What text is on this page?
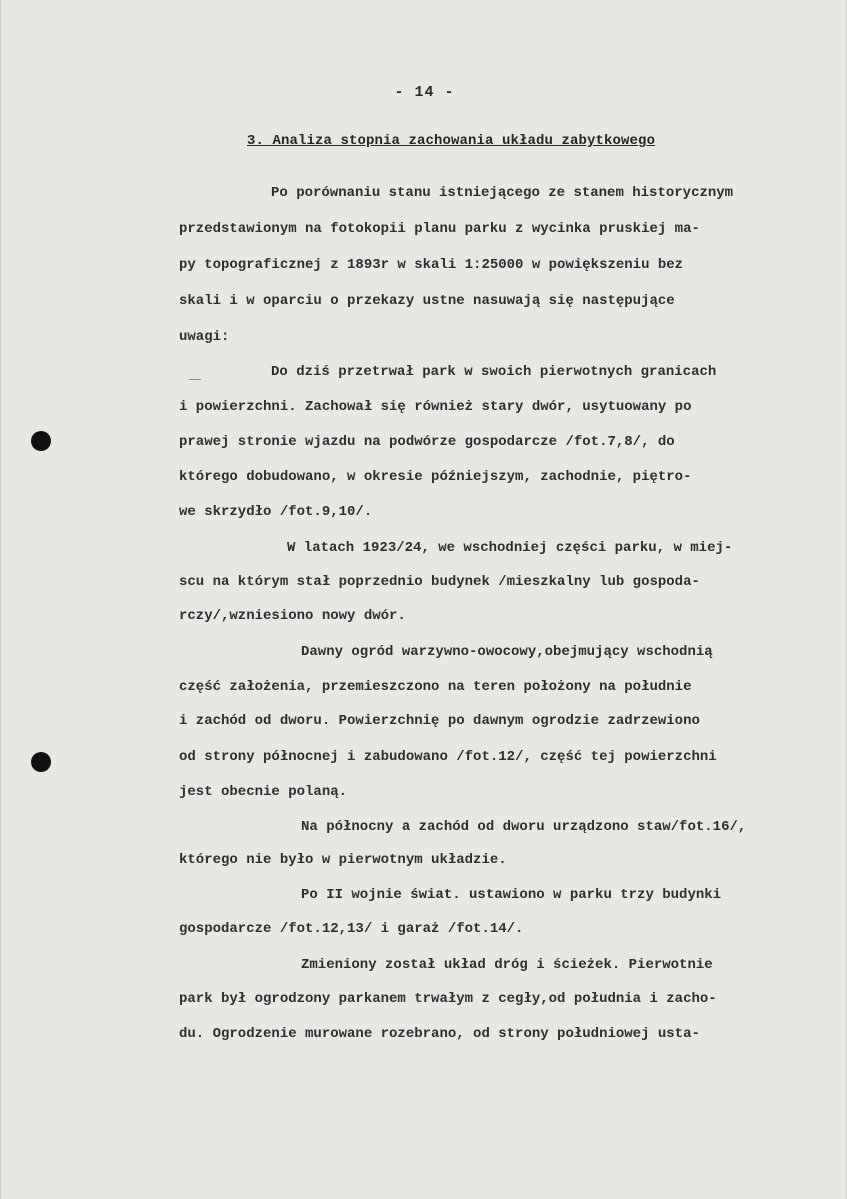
- 14 -
3. Analiza stopnia zachowania układu zabytkowego
Po porównaniu stanu istniejącego ze stanem historycznym
przedstawionym na fotokopii planu parku z wycinka pruskiej ma-
py topograficznej z 1893r w skali 1:25000 w powiększeniu bez
skali i w oparciu o przekazy ustne nasuwają się następujące
uwagi:
Do dziś przetrwał park w swoich pierwotnych granicach
i powierzchni. Zachował się również stary dwór, usytuowany po
prawej stronie wjazdu na podwórze gospodarcze /fot.7,8/, do
którego dobudowano, w okresie późniejszym, zachodnie, piętro-
we skrzydło /fot.9,10/.
W latach 1923/24, we wschodniej części parku, w miej-
scu na którym stał poprzednio budynek /mieszkalny lub gospoda-
rczy/,wzniesiono nowy dwór.
Dawny ogród warzywno-owocowy,obejmujący wschodnią
część założenia, przemieszczono na teren położony na południe
i zachód od dworu. Powierzchnię po dawnym ogrodzie zadrzewiono
od strony północnej i zabudowano /fot.12/, część tej powierzchni
jest obecnie polaną.
Na północny a zachód od dworu urządzono staw/fot.16/,
którego nie było w pierwotnym układzie.
Po II wojnie świat. ustawiono w parku trzy budynki
gospodarcze /fot.12,13/ i garaż /fot.14/.
Zmieniony został układ dróg i ścieżek. Pierwotnie
park był ogrodzony parkanem trwałym z cegły,od południa i zacho-
du. Ogrodzenie murowane rozebrano, od strony południowej usta-
